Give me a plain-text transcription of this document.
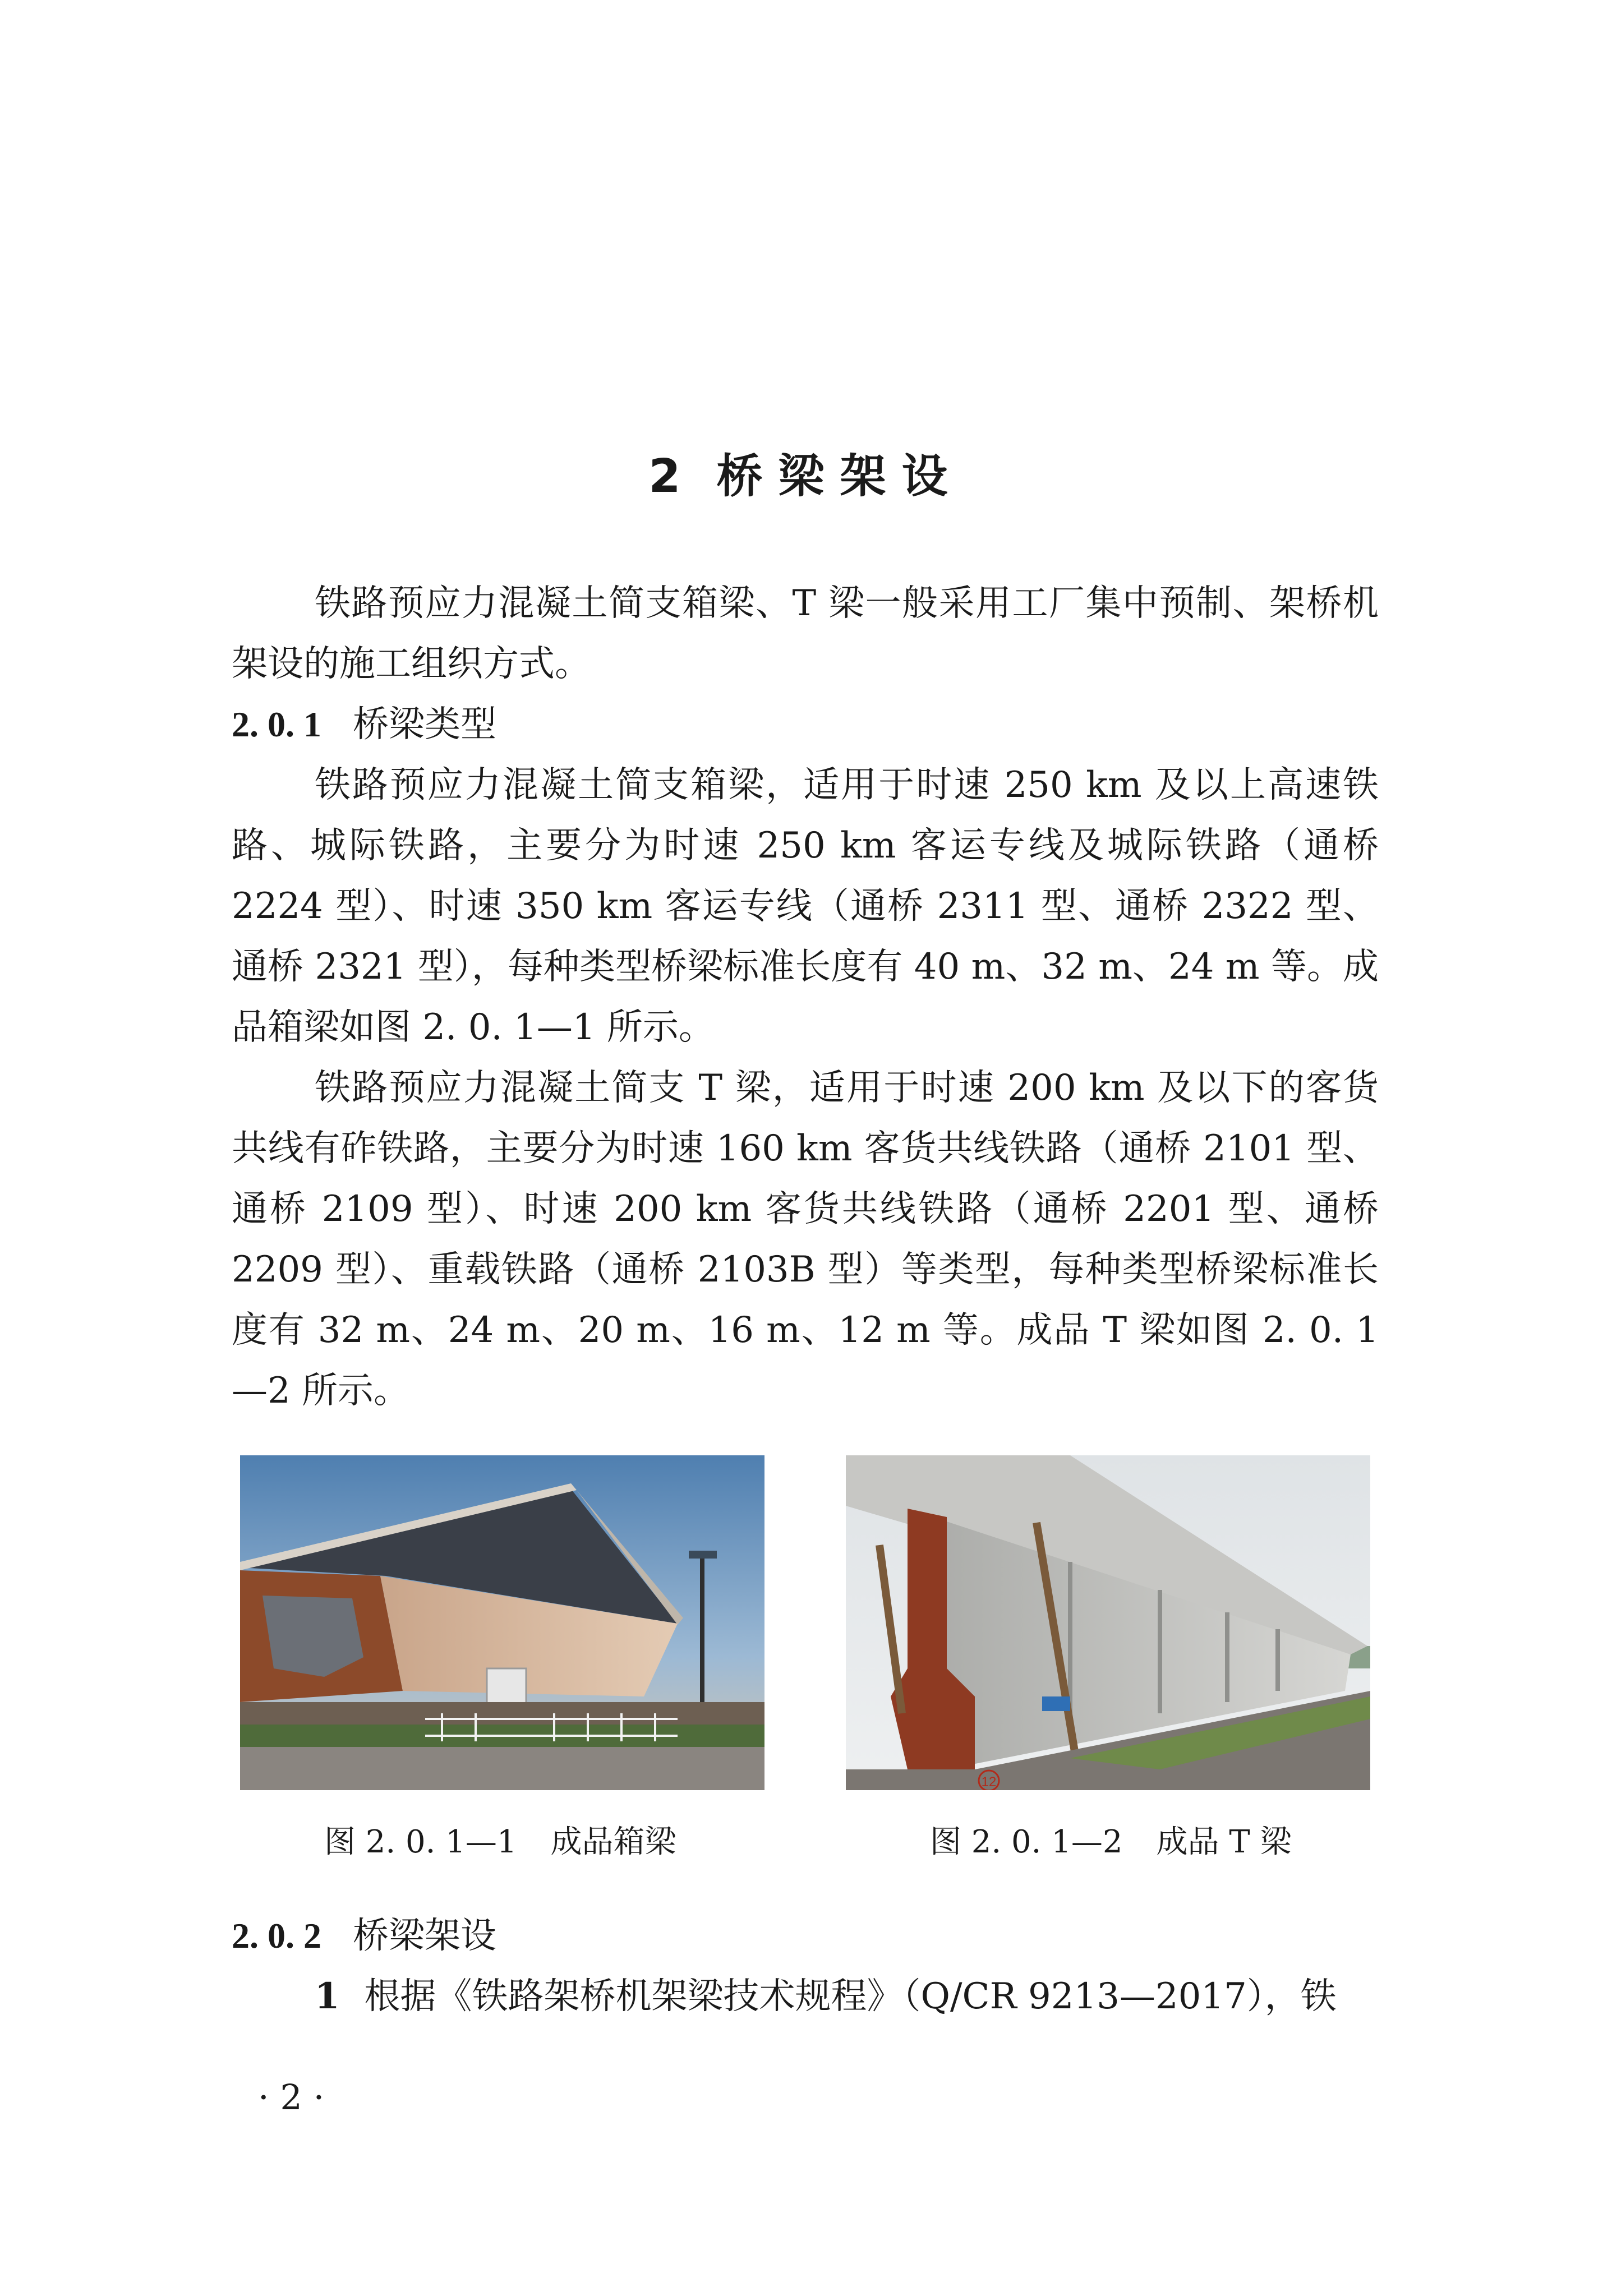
2 桥梁架设

铁路预应力混凝土简支箱梁、T 梁一般采用工厂集中预制、架桥机架设的施工组织方式。

2. 0. 1 桥梁类型

铁路预应力混凝土简支箱梁，适用于时速 250 km 及以上高速铁路、城际铁路，主要分为时速 250 km 客运专线及城际铁路（通桥 2224 型）、时速 350 km 客运专线（通桥 2311 型、通桥 2322 型、通桥 2321 型），每种类型桥梁标准长度有 40 m、32 m、24 m 等。成品箱梁如图 2. 0. 1—1 所示。

铁路预应力混凝土简支 T 梁，适用于时速 200 km 及以下的客货共线有砟铁路，主要分为时速 160 km 客货共线铁路（通桥 2101 型、通桥 2109 型）、时速 200 km 客货共线铁路（通桥 2201 型、通桥 2209 型）、重载铁路（通桥 2103B 型）等类型，每种类型桥梁标准长度有 32 m、24 m、20 m、16 m、12 m 等。成品 T 梁如图 2. 0. 1—2 所示。

12
图 2. 0. 1—1 成品箱梁	图 2. 0. 1—2 成品 T 梁

2. 0. 2 桥梁架设

1 根据《铁路架桥机架梁技术规程》（Q/CR 9213—2017），铁

· 2 ·
